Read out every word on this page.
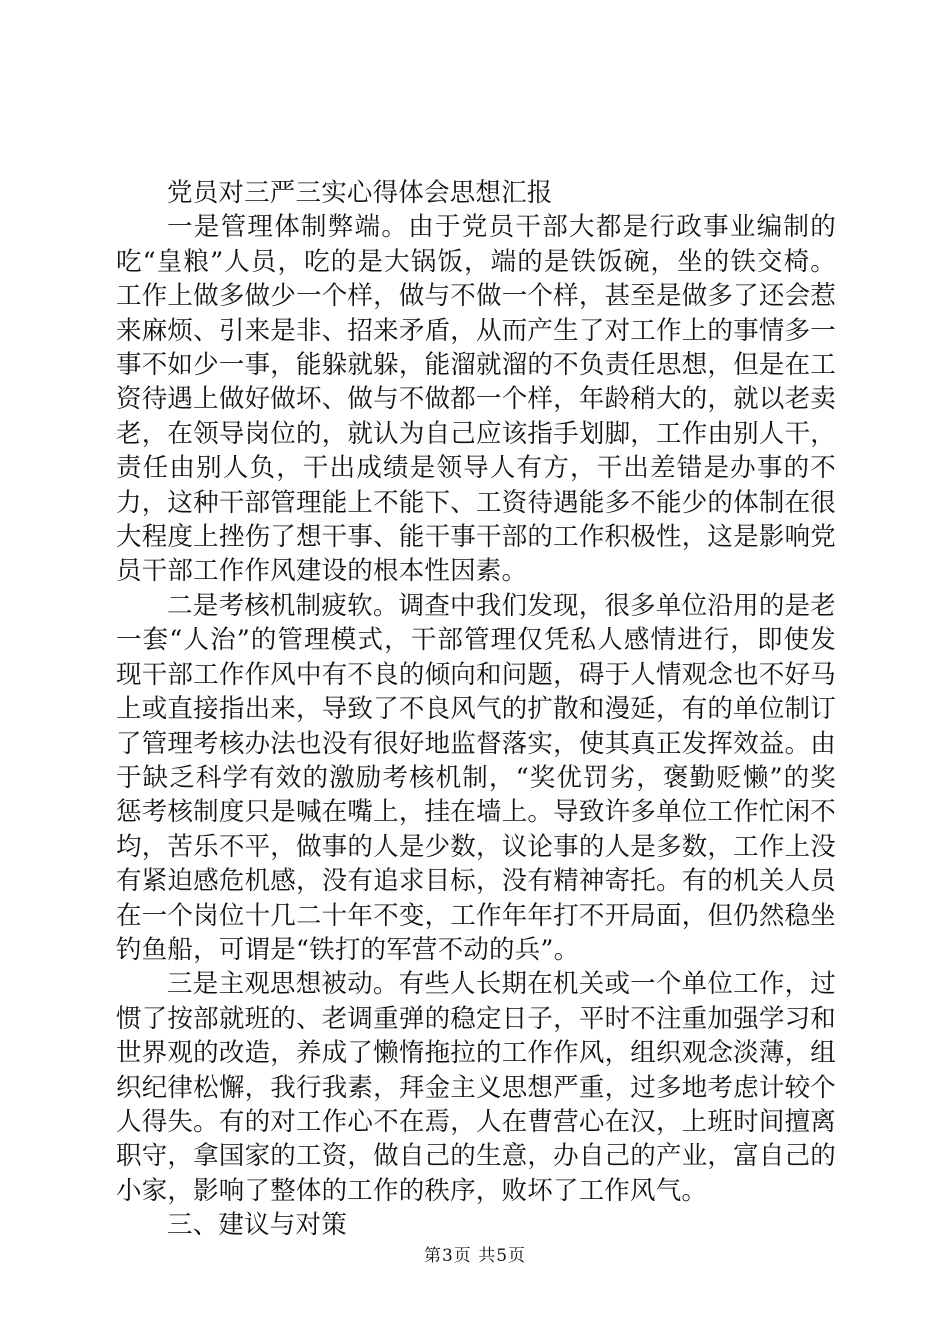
党员对三严三实心得体会思想汇报

一是管理体制弊端。由于党员干部大都是行政事业编制的吃“皇粮”人员，吃的是大锅饭，端的是铁饭碗，坐的铁交椅。工作上做多做少一个样，做与不做一个样，甚至是做多了还会惹来麻烦、引来是非、招来矛盾，从而产生了对工作上的事情多一事不如少一事，能躲就躲，能溜就溜的不负责任思想，但是在工资待遇上做好做坏、做与不做都一个样，年龄稍大的，就以老卖老，在领导岗位的，就认为自己应该指手划脚，工作由别人干，责任由别人负，干出成绩是领导人有方，干出差错是办事的不力，这种干部管理能上不能下、工资待遇能多不能少的体制在很大程度上挫伤了想干事、能干事干部的工作积极性，这是影响党员干部工作作风建设的根本性因素。

二是考核机制疲软。调查中我们发现，很多单位沿用的是老一套“人治”的管理模式，干部管理仅凭私人感情进行，即使发现干部工作作风中有不良的倾向和问题，碍于人情观念也不好马上或直接指出来，导致了不良风气的扩散和漫延，有的单位制订了管理考核办法也没有很好地监督落实，使其真正发挥效益。由于缺乏科学有效的激励考核机制，“奖优罚劣，褒勤贬懒”的奖惩考核制度只是喊在嘴上，挂在墙上。导致许多单位工作忙闲不均，苦乐不平，做事的人是少数，议论事的人是多数，工作上没有紧迫感危机感，没有追求目标，没有精神寄托。有的机关人员在一个岗位十几二十年不变，工作年年打不开局面，但仍然稳坐钓鱼船，可谓是“铁打的军营不动的兵”。

三是主观思想被动。有些人长期在机关或一个单位工作，过惯了按部就班的、老调重弹的稳定日子，平时不注重加强学习和世界观的改造，养成了懒惰拖拉的工作作风，组织观念淡薄，组织纪律松懈，我行我素，拜金主义思想严重，过多地考虑计较个人得失。有的对工作心不在焉，人在曹营心在汉，上班时间擅离职守，拿国家的工资，做自己的生意，办自己的产业，富自己的小家，影响了整体的工作的秩序，败坏了工作风气。

三、建议与对策

第3页 共5页
